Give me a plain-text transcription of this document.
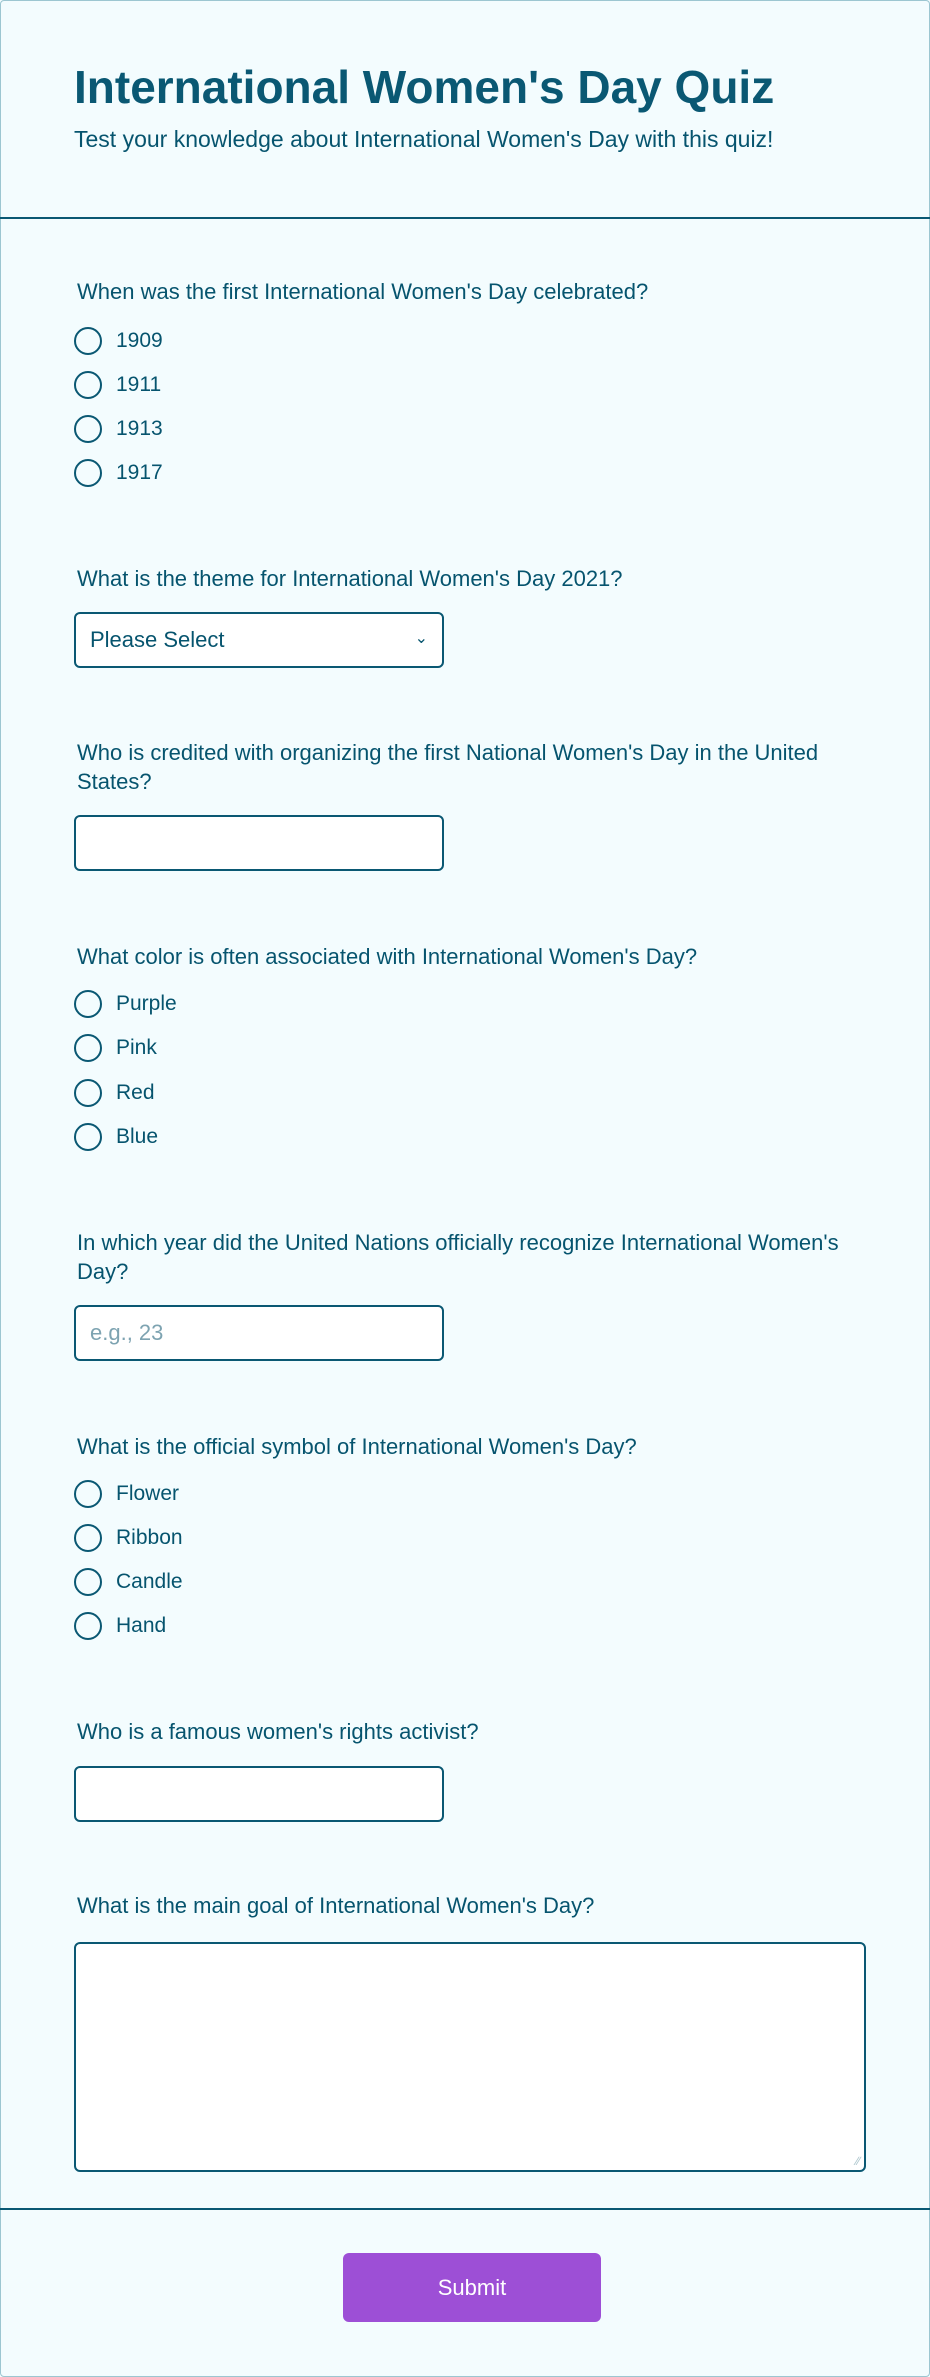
International Women's Day Quiz
Test your knowledge about International Women's Day with this quiz!
When was the first International Women's Day celebrated?
1909
1911
1913
1917
What is the theme for International Women's Day 2021?
Please Select	⌄
Who is credited with organizing the first National Women's Day in the United States?
What color is often associated with International Women's Day?
Purple
Pink
Red
Blue
In which year did the United Nations officially recognize International Women's Day?
e.g., 23
What is the official symbol of International Women's Day?
Flower
Ribbon
Candle
Hand
Who is a famous women's rights activist?
What is the main goal of International Women's Day?
∕∕
Submit
